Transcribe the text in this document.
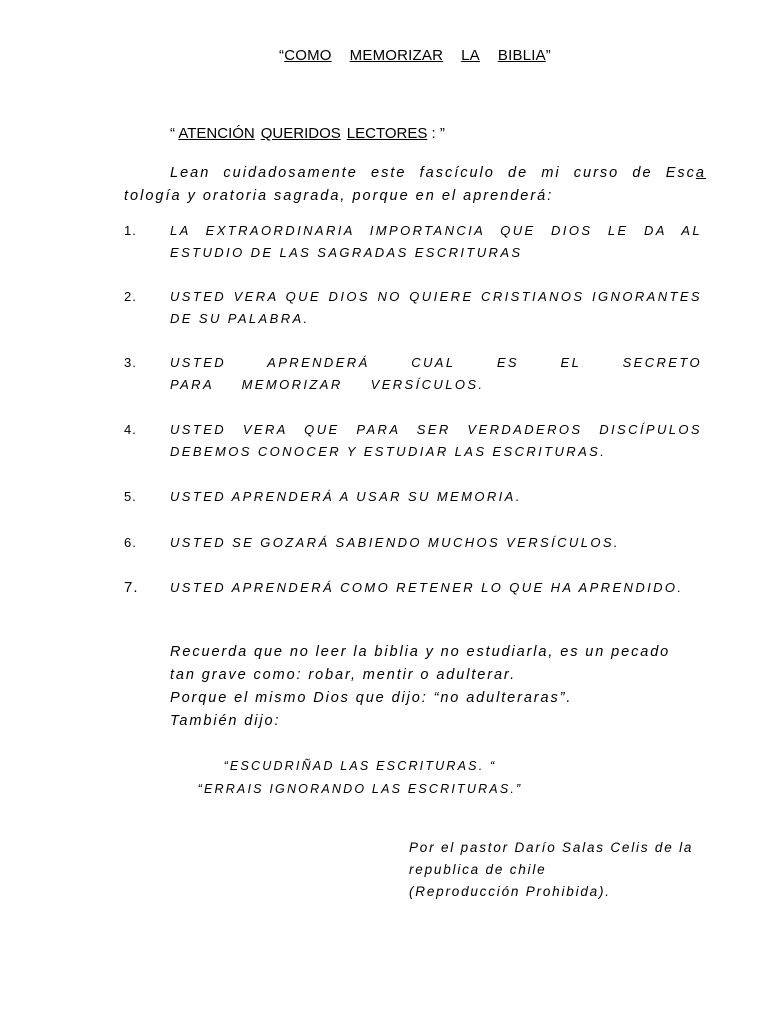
“COMO MEMORIZAR LA BIBLIA”
“ ATENCIÓN QUERIDOS LECTORES : ”
Lean cuidadosamente este fascículo de mi curso de Esca
tología y oratoria sagrada, porque en el aprenderá:
1.	LA EXTRAORDINARIA IMPORTANCIA QUE DIOS LE DA AL ESTUDIO DE LAS SAGRADAS ESCRITURAS
2.	USTED VERA QUE DIOS NO QUIERE CRISTIANOS IGNORANTES DE SU PALABRA.
3.	USTED APRENDERÁ CUAL ES EL SECRETO PARA MEMORIZAR VERSÍCULOS.
4.	USTED VERA QUE PARA SER VERDADEROS DISCÍPULOS DEBEMOS CONOCER Y ESTUDIAR LAS ESCRITURAS.
5.	USTED APRENDERÁ A USAR SU MEMORIA.
6.	USTED SE GOZARÁ SABIENDO MUCHOS VERSÍCULOS.
7. USTED APRENDERÁ COMO RETENER LO QUE HA APRENDIDO.
Recuerda que no leer la biblia y no estudiarla, es un pecado
tan grave como: robar, mentir o adulterar.
Porque el mismo Dios que dijo: “no adulteraras”.
También dijo:
“ESCUDRIÑAD LAS ESCRITURAS. “
“ERRAIS IGNORANDO LAS ESCRITURAS.”
Por el pastor Darío Salas Celis de la
republica de chile
(Reproducción Prohibida).
